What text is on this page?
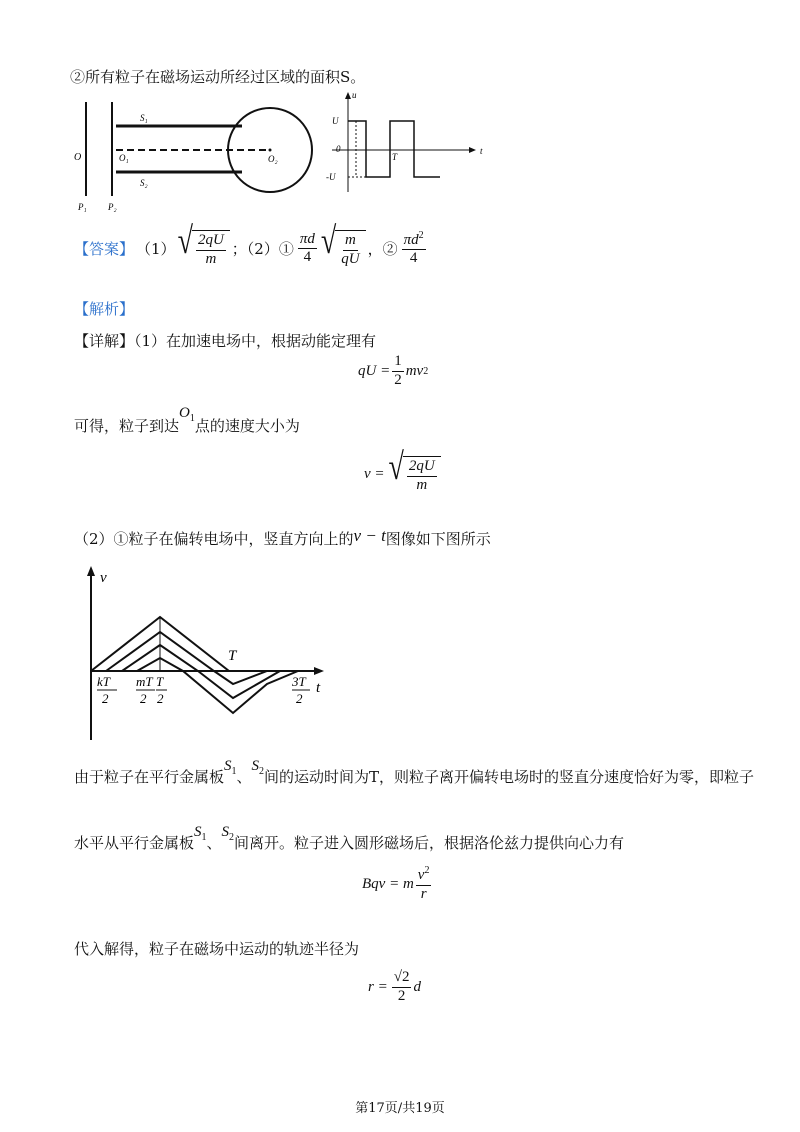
②所有粒子在磁场运动所经过区域的面积S。
O
P₁ P₂
S₁
S₂
O₁	O₂
u
t
U
0
-U
T
【答案】 （1） √ $\frac{2qU}{m}$ ；（2）① $\frac{\pi d}{4}$ √ $\frac{m}{qU}$ ，② $\frac{\pi d^2}{4}$
【解析】
【详解】（1）在加速电场中，根据动能定理有
qU = $\frac{1}{2}$ mv 2
可得，粒子到达$O_1$点的速度大小为
v = √ $\frac{2qU}{m}$
（2）①粒子在偏转电场中，竖直方向上的v − t图像如下图所示
v
t
T
kT
2
mT
2
T
2
3T
2
由于粒子在平行金属板$S_1$、$S_2$间的运动时间为T，则粒子离开偏转电场时的竖直分速度恰好为零，即粒子
水平从平行金属板$S_1$、$S_2$间离开。粒子进入圆形磁场后，根据洛伦兹力提供向心力有
Bqv = m $\frac{v^2}{r}$
代入解得，粒子在磁场中运动的轨迹半径为
$r = \frac{√2}{2}$ d
第17页/共19页
